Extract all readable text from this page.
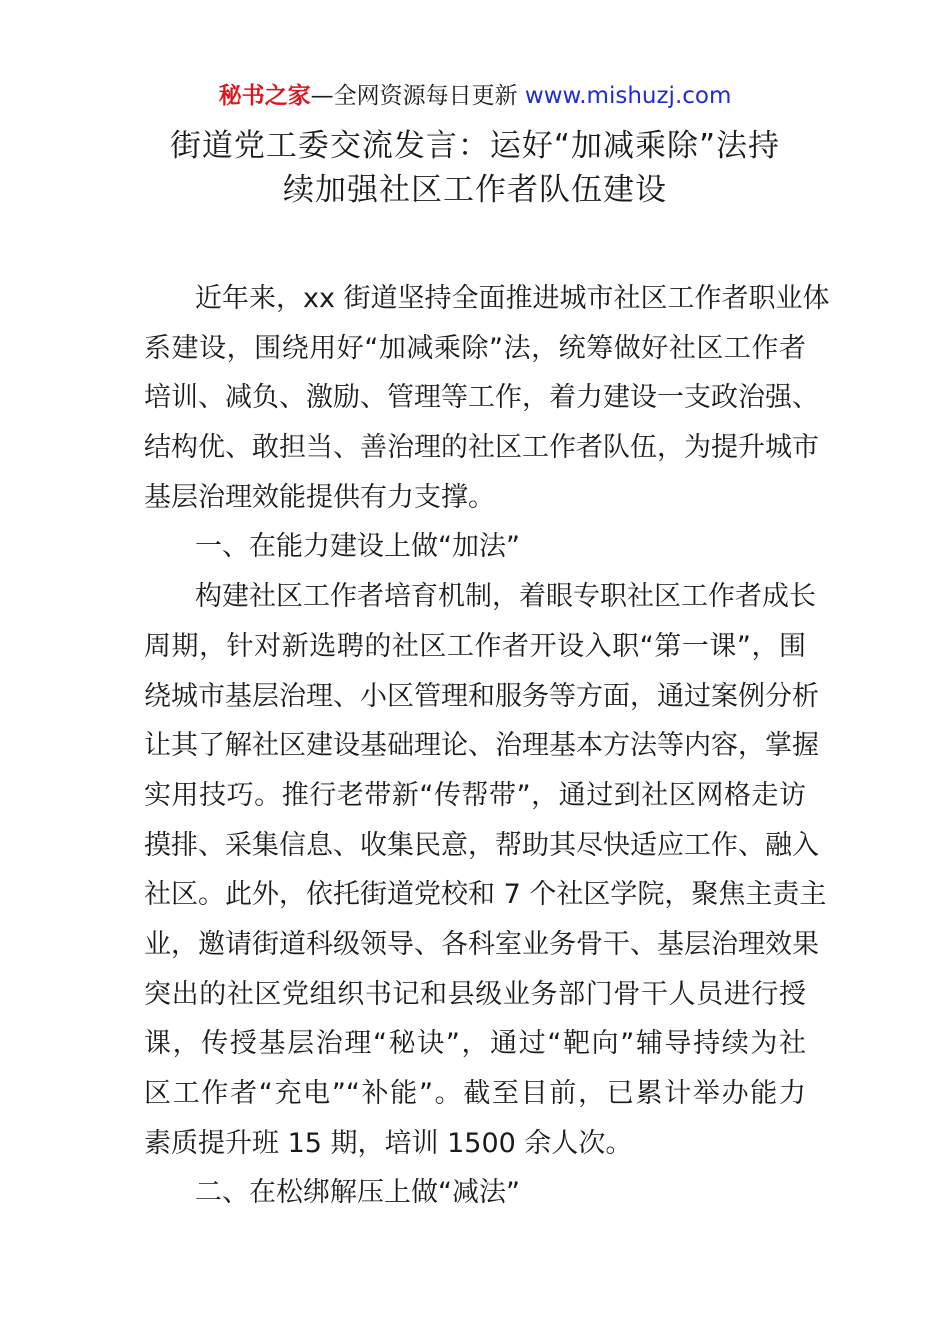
秘书之家—全网资源每日更新 www.mishuzj.com
街道党工委交流发言：运好“加减乘除”法持
续加强社区工作者队伍建设
近年来，xx 街道坚持全面推进城市社区工作者职业体
系建设，围绕用好“加减乘除”法，统筹做好社区工作者
培训、减负、激励、管理等工作，着力建设一支政治强、
结构优、敢担当、善治理的社区工作者队伍，为提升城市
基层治理效能提供有力支撑。
一、在能力建设上做“加法”
构建社区工作者培育机制，着眼专职社区工作者成长
周期，针对新选聘的社区工作者开设入职“第一课”，围
绕城市基层治理、小区管理和服务等方面，通过案例分析
让其了解社区建设基础理论、治理基本方法等内容，掌握
实用技巧。推行老带新“传帮带”，通过到社区网格走访
摸排、采集信息、收集民意，帮助其尽快适应工作、融入
社区。此外，依托街道党校和 7 个社区学院，聚焦主责主
业，邀请街道科级领导、各科室业务骨干、基层治理效果
突出的社区党组织书记和县级业务部门骨干人员进行授
课，传授基层治理“秘诀”，通过“靶向”辅导持续为社
区工作者“充电”“补能”。截至目前，已累计举办能力
素质提升班 15 期，培训 1500 余人次。
二、在松绑解压上做“减法”
